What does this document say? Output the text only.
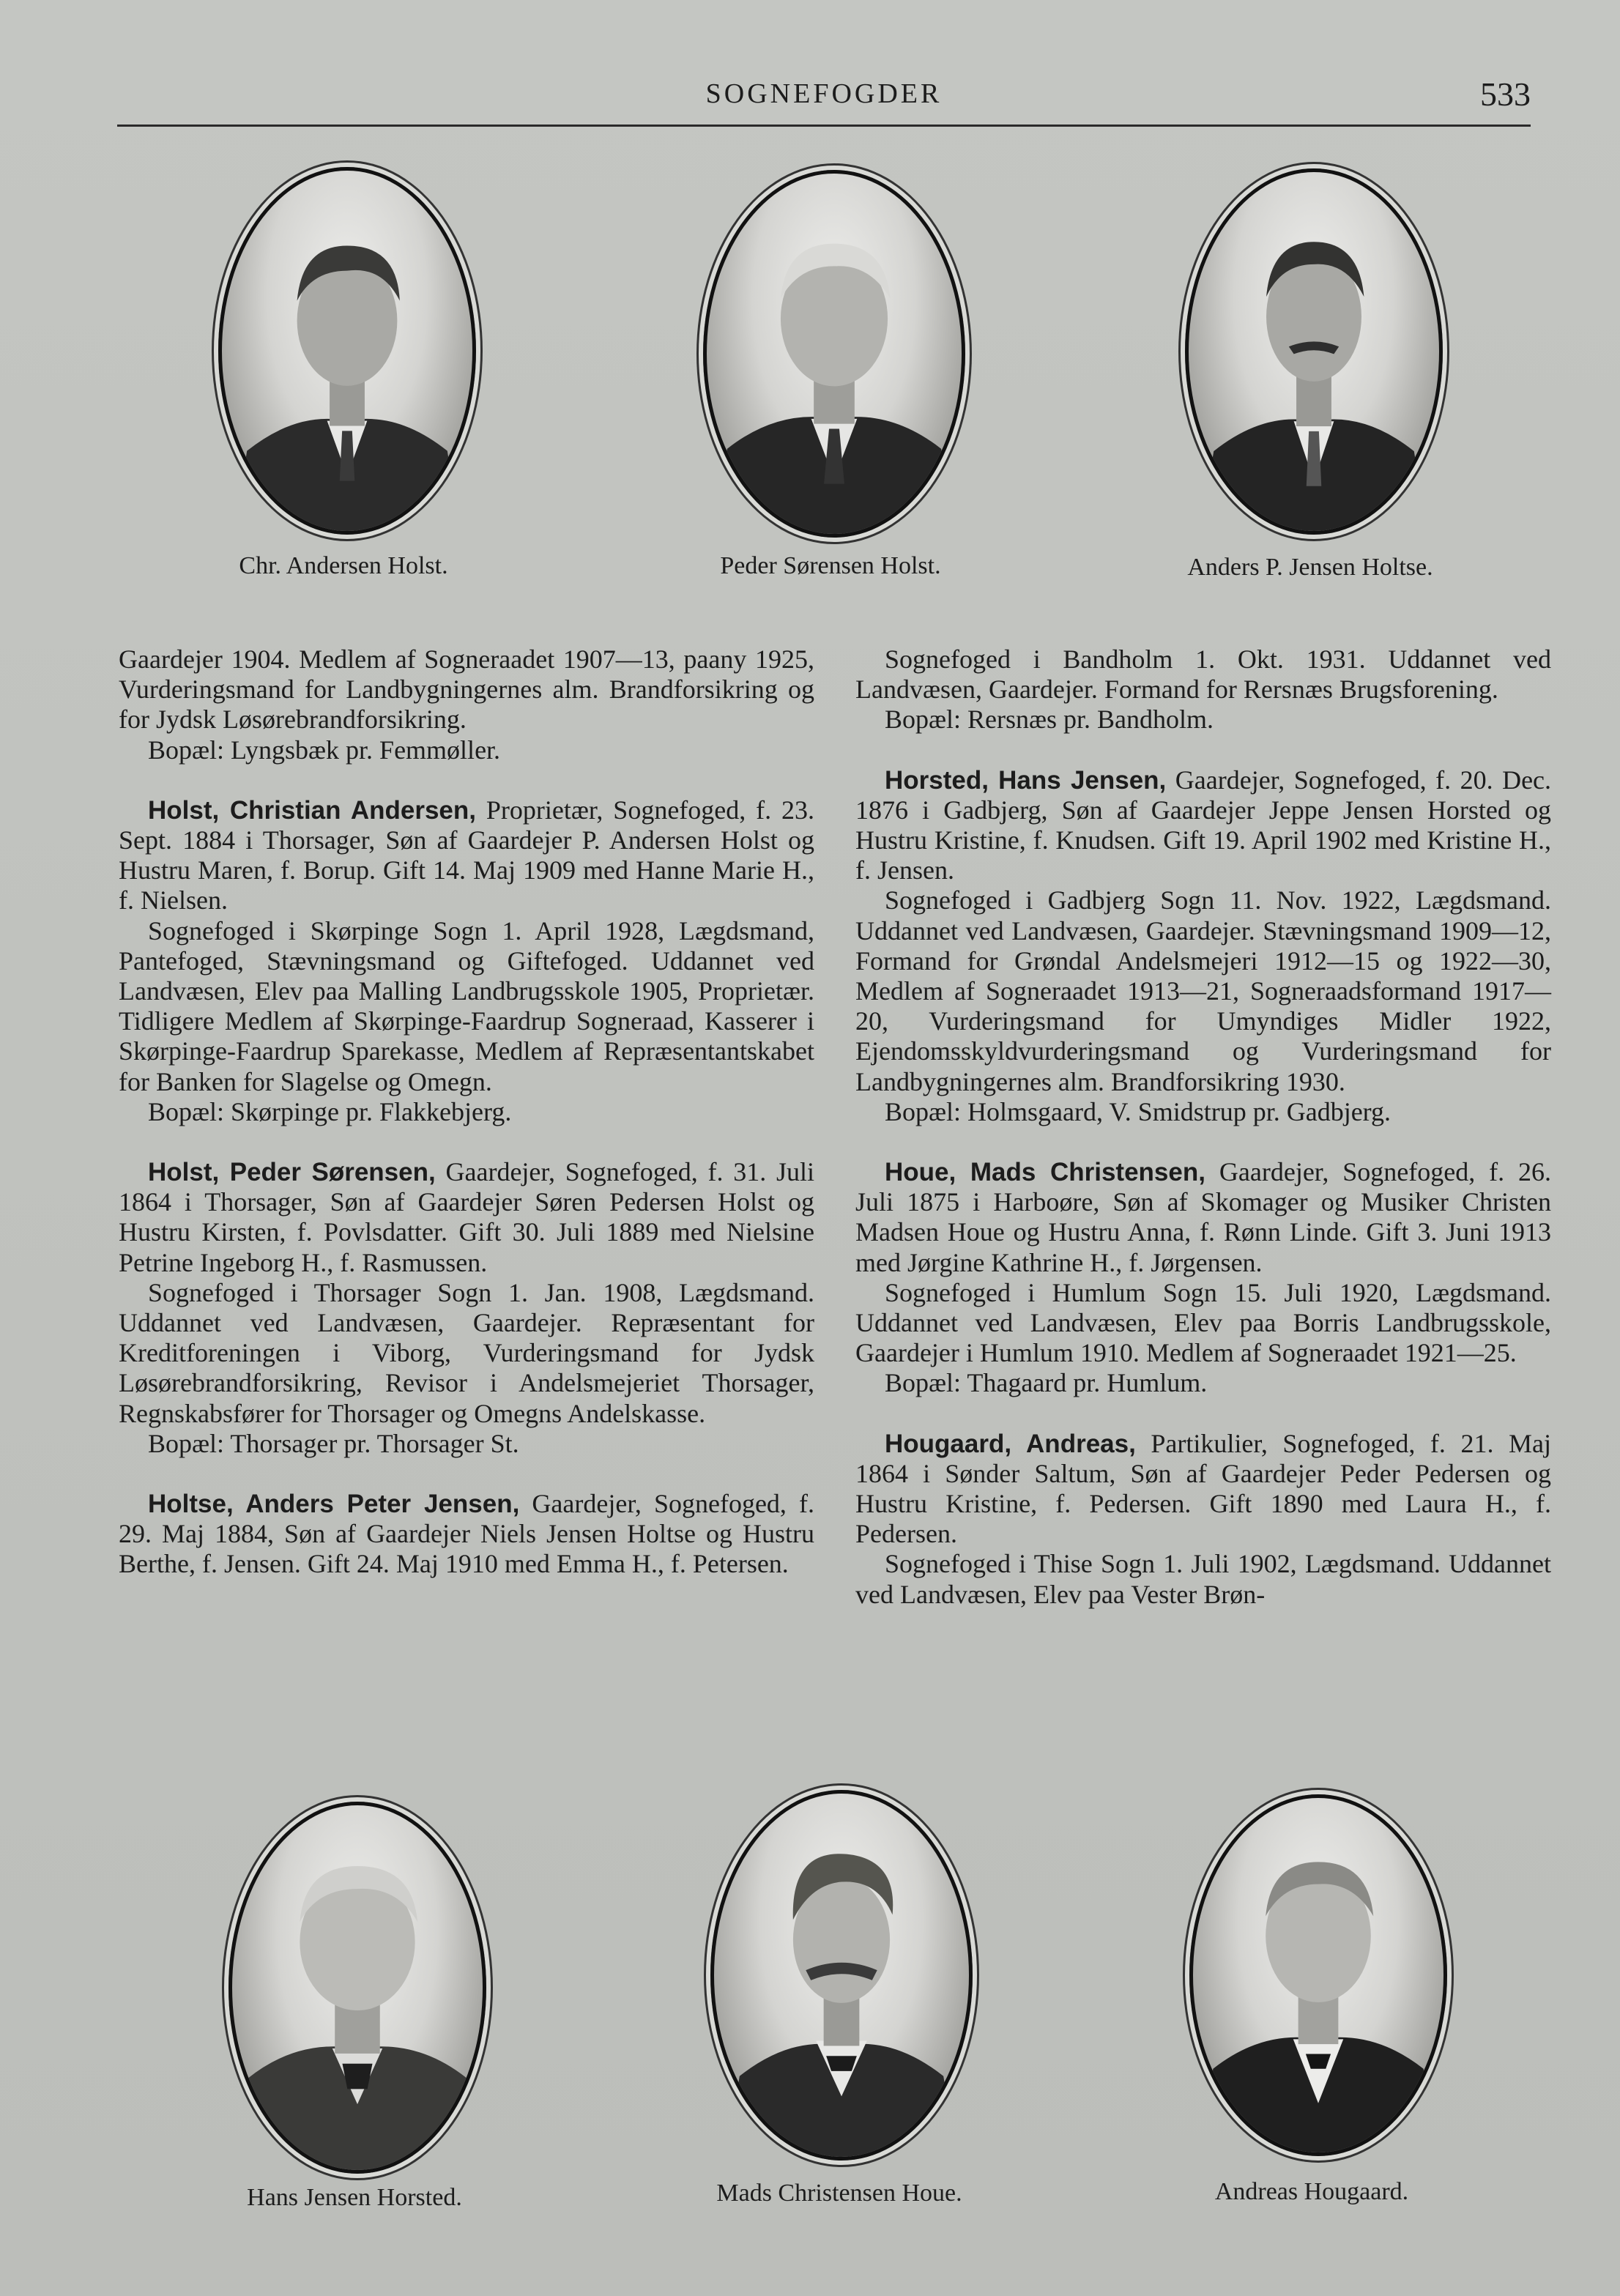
SOGNEFOGDER	533
Chr. Andersen Holst.	Peder Sørensen Holst.	Anders P. Jensen Holtse.

Gaardejer 1904. Medlem af Sogneraadet 1907—13, paany 1925, Vurderingsmand for Landbygningernes alm. Brandforsikring og for Jydsk Løsørebrandforsikring.

Bopæl: Lyngsbæk pr. Femmøller.

Holst, Christian Andersen, Proprietær, Sognefoged, f. 23. Sept. 1884 i Thorsager, Søn af Gaardejer P. Andersen Holst og Hustru Maren, f. Borup. Gift 14. Maj 1909 med Hanne Marie H., f. Nielsen.

Sognefoged i Skørpinge Sogn 1. April 1928, Lægdsmand, Pantefoged, Stævningsmand og Giftefoged. Uddannet ved Landvæsen, Elev paa Malling Landbrugsskole 1905, Proprietær. Tidligere Medlem af Skørpinge-Faardrup Sogneraad, Kasserer i Skørpinge-Faardrup Sparekasse, Medlem af Repræsentantskabet for Banken for Slagelse og Omegn.

Bopæl: Skørpinge pr. Flakkebjerg.

Holst, Peder Sørensen, Gaardejer, Sognefoged, f. 31. Juli 1864 i Thorsager, Søn af Gaardejer Søren Pedersen Holst og Hustru Kirsten, f. Povlsdatter. Gift 30. Juli 1889 med Nielsine Petrine Ingeborg H., f. Rasmussen.

Sognefoged i Thorsager Sogn 1. Jan. 1908, Lægdsmand. Uddannet ved Landvæsen, Gaardejer. Repræsentant for Kreditforeningen i Viborg, Vurderingsmand for Jydsk Løsørebrandforsikring, Revisor i Andelsmejeriet Thorsager, Regnskabsfører for Thorsager og Omegns Andelskasse.

Bopæl: Thorsager pr. Thorsager St.

Holtse, Anders Peter Jensen, Gaardejer, Sognefoged, f. 29. Maj 1884, Søn af Gaardejer Niels Jensen Holtse og Hustru Berthe, f. Jensen. Gift 24. Maj 1910 med Emma H., f. Petersen.

Sognefoged i Bandholm 1. Okt. 1931. Uddannet ved Landvæsen, Gaardejer. Formand for Rersnæs Brugsforening.

Bopæl: Rersnæs pr. Bandholm.

Horsted, Hans Jensen, Gaardejer, Sognefoged, f. 20. Dec. 1876 i Gadbjerg, Søn af Gaardejer Jeppe Jensen Horsted og Hustru Kristine, f. Knudsen. Gift 19. April 1902 med Kristine H., f. Jensen.

Sognefoged i Gadbjerg Sogn 11. Nov. 1922, Lægdsmand. Uddannet ved Landvæsen, Gaardejer. Stævningsmand 1909—12, Formand for Grøndal Andelsmejeri 1912—15 og 1922—30, Medlem af Sogneraadet 1913—21, Sogneraadsformand 1917—20, Vurderingsmand for Umyndiges Midler 1922, Ejendomsskyldvurderingsmand og Vurderingsmand for Landbygningernes alm. Brandforsikring 1930.

Bopæl: Holmsgaard, V. Smidstrup pr. Gadbjerg.

Houe, Mads Christensen, Gaardejer, Sognefoged, f. 26. Juli 1875 i Harboøre, Søn af Skomager og Musiker Christen Madsen Houe og Hustru Anna, f. Rønn Linde. Gift 3. Juni 1913 med Jørgine Kathrine H., f. Jørgensen.

Sognefoged i Humlum Sogn 15. Juli 1920, Lægdsmand. Uddannet ved Landvæsen, Elev paa Borris Landbrugsskole, Gaardejer i Humlum 1910. Medlem af Sogneraadet 1921—25.

Bopæl: Thagaard pr. Humlum.

Hougaard, Andreas, Partikulier, Sognefoged, f. 21. Maj 1864 i Sønder Saltum, Søn af Gaardejer Peder Pedersen og Hustru Kristine, f. Pedersen. Gift 1890 med Laura H., f. Pedersen.

Sognefoged i Thise Sogn 1. Juli 1902, Lægdsmand. Uddannet ved Landvæsen, Elev paa Vester Brøn-

Hans Jensen Horsted.	Mads Christensen Houe.	Andreas Hougaard.
